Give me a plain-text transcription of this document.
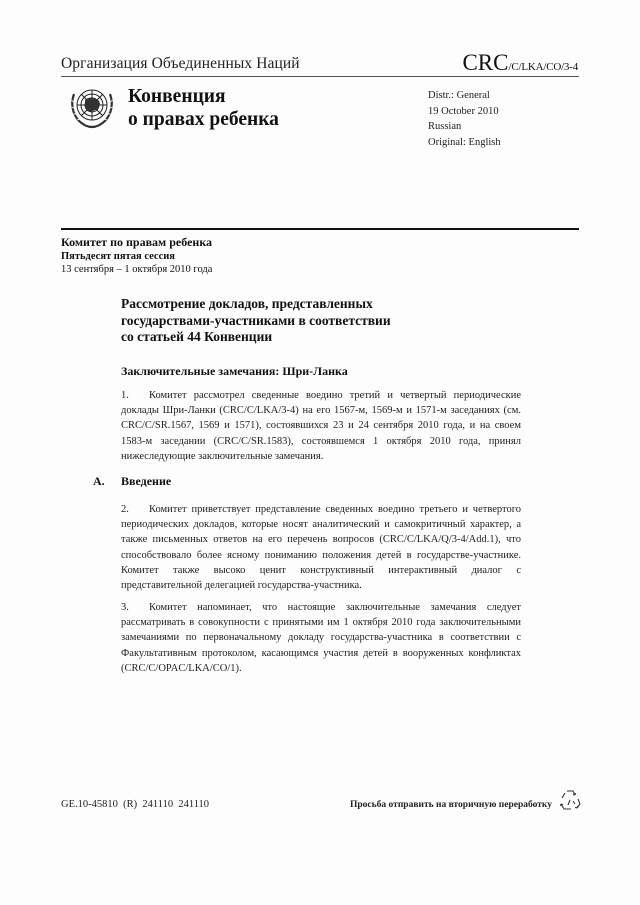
Организация Объединенных Наций	CRC/C/LKA/CO/3-4
Конвенция
о правах ребенка
Distr.: General
19 October 2010
Russian
Original: English
Комитет по правам ребенка
Пятьдесят пятая сессия
13 сентября – 1 октября 2010 года
Рассмотрение докладов, представленных
государствами-участниками в соответствии
со статьей 44 Конвенции
Заключительные замечания: Шри-Ланка
1. Комитет рассмотрел сведенные воедино третий и четвертый периодические доклады Шри-Ланки (CRC/C/LKA/3-4) на его 1567-м, 1569-м и 1571-м заседаниях (см. CRC/C/SR.1567, 1569 и 1571), состоявшихся 23 и 24 сентября 2010 года, и на своем 1583-м заседании (CRC/C/SR.1583), состоявшемся 1 октября 2010 года, принял нижеследующие заключительные замечания.
A. Введение
2. Комитет приветствует представление сведенных воедино третьего и четвертого периодических докладов, которые носят аналитический и самокритичный характер, а также письменных ответов на его перечень вопросов (CRC/C/LKA/Q/3-4/Add.1), что способствовало более ясному пониманию положения детей в государстве-участнике. Комитет также высоко ценит конструктивный интерактивный диалог с представительной делегацией государства-участника.
3. Комитет напоминает, что настоящие заключительные замечания следует рассматривать в совокупности с принятыми им 1 октября 2010 года заключительными замечаниями по первоначальному докладу государства-участника в соответствии с Факультативным протоколом, касающимся участия детей в вооруженных конфликтах (CRC/C/OPAC/LKA/CO/1).
GE.10-45810  (R)  241110  241110	Просьба отправить на вторичную переработку
